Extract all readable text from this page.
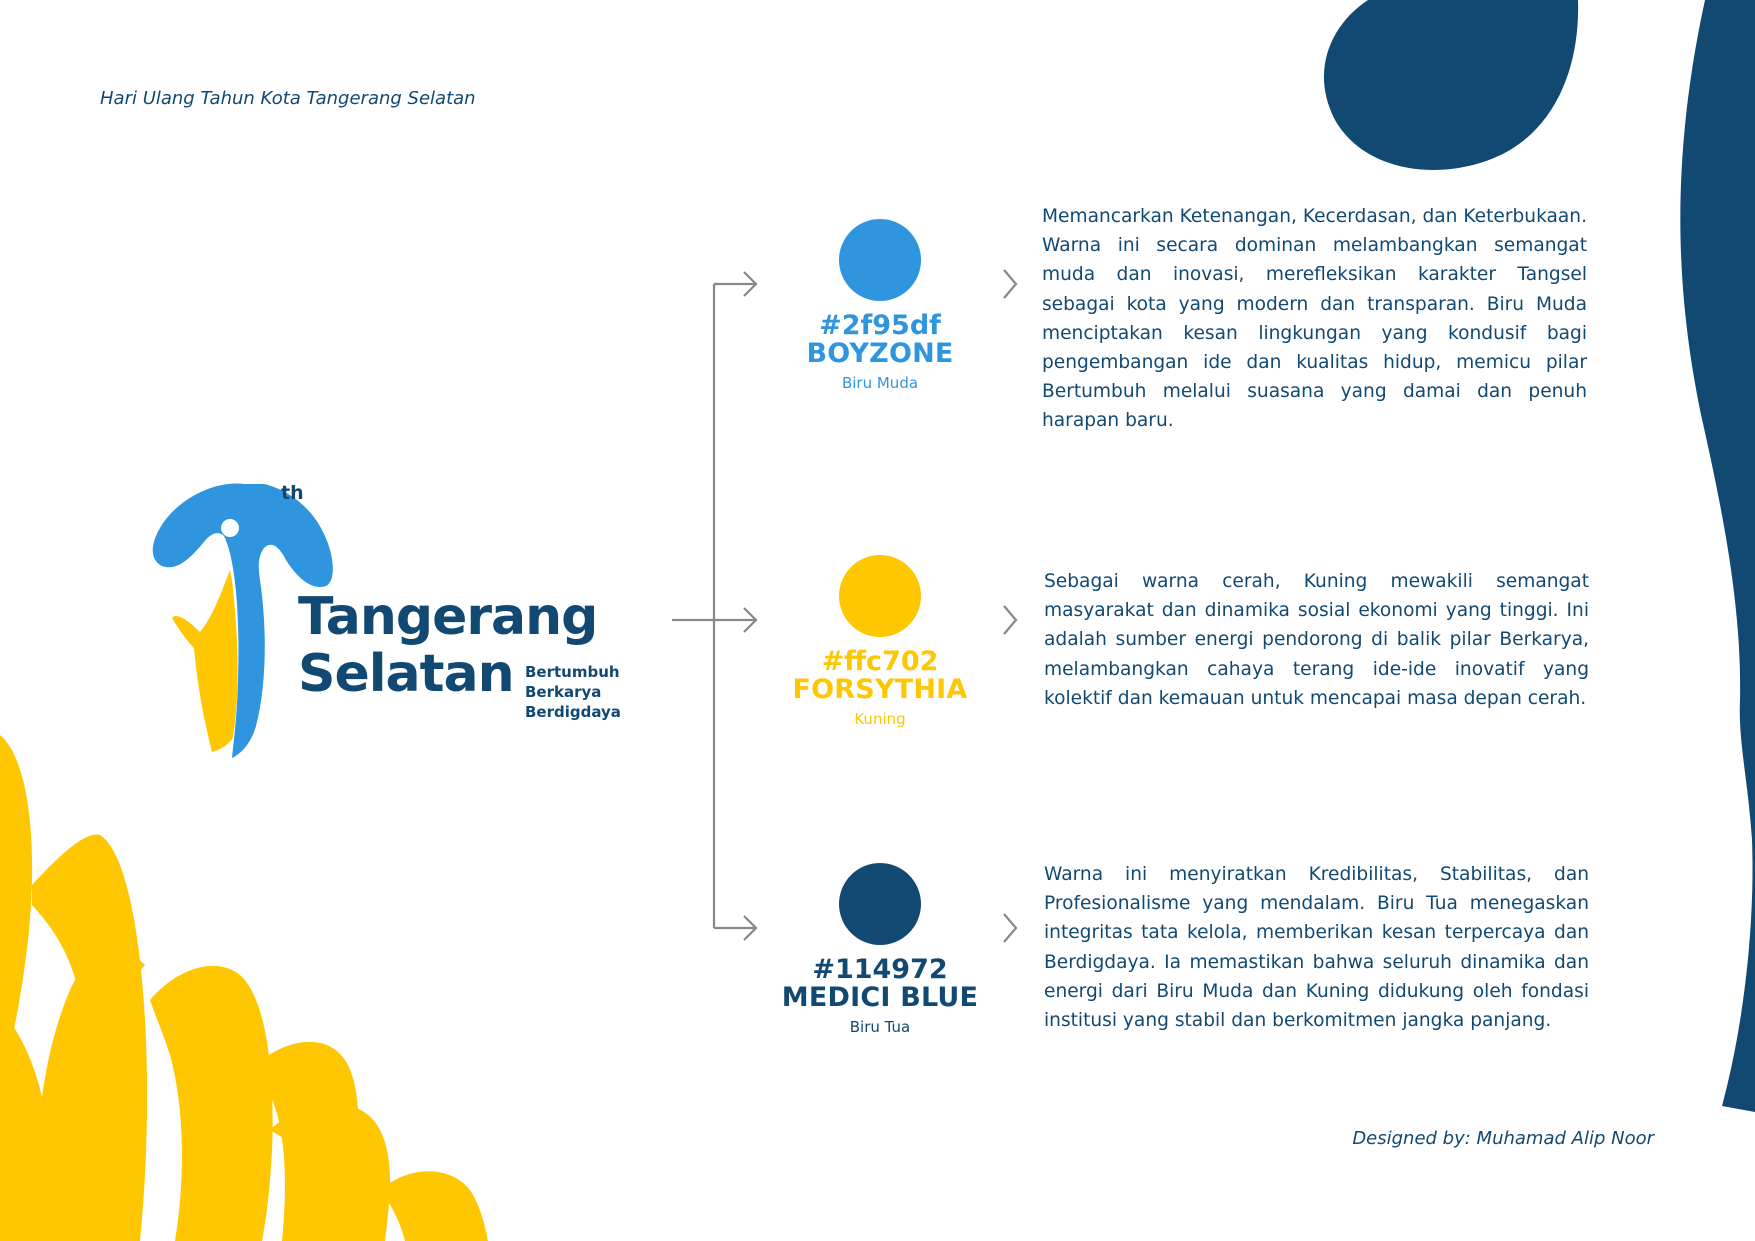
Hari Ulang Tahun Kota Tangerang Selatan

th

Tangerang

Selatan Bertumbuh
Berkarya
Berdigdaya
#2f95df
BOYZONE
Biru Muda

Memancarkan Ketenangan, Kecerdasan, dan Keterbukaan. Warna ini secara dominan melambangkan semangat muda dan inovasi, merefleksikan karakter Tangsel sebagai kota yang modern dan transparan. Biru Muda menciptakan kesan lingkungan yang kondusif bagi pengembangan ide dan kualitas hidup, memicu pilar Bertumbuh melalui suasana yang damai dan penuh harapan baru.

#ffc702
FORSYTHIA
Kuning

Sebagai warna cerah, Kuning mewakili semangat masyarakat dan dinamika sosial ekonomi yang tinggi. Ini adalah sumber energi pendorong di balik pilar Berkarya, melambangkan cahaya terang ide-ide inovatif yang kolektif dan kemauan untuk mencapai masa depan cerah.

#114972
MEDICI BLUE
Biru Tua

Warna ini menyiratkan Kredibilitas, Stabilitas, dan Profesionalisme yang mendalam. Biru Tua menegaskan integritas tata kelola, memberikan kesan terpercaya dan Berdigdaya. Ia memastikan bahwa seluruh dinamika dan energi dari Biru Muda dan Kuning didukung oleh fondasi institusi yang stabil dan berkomitmen jangka panjang.

Designed by: Muhamad Alip Noor
